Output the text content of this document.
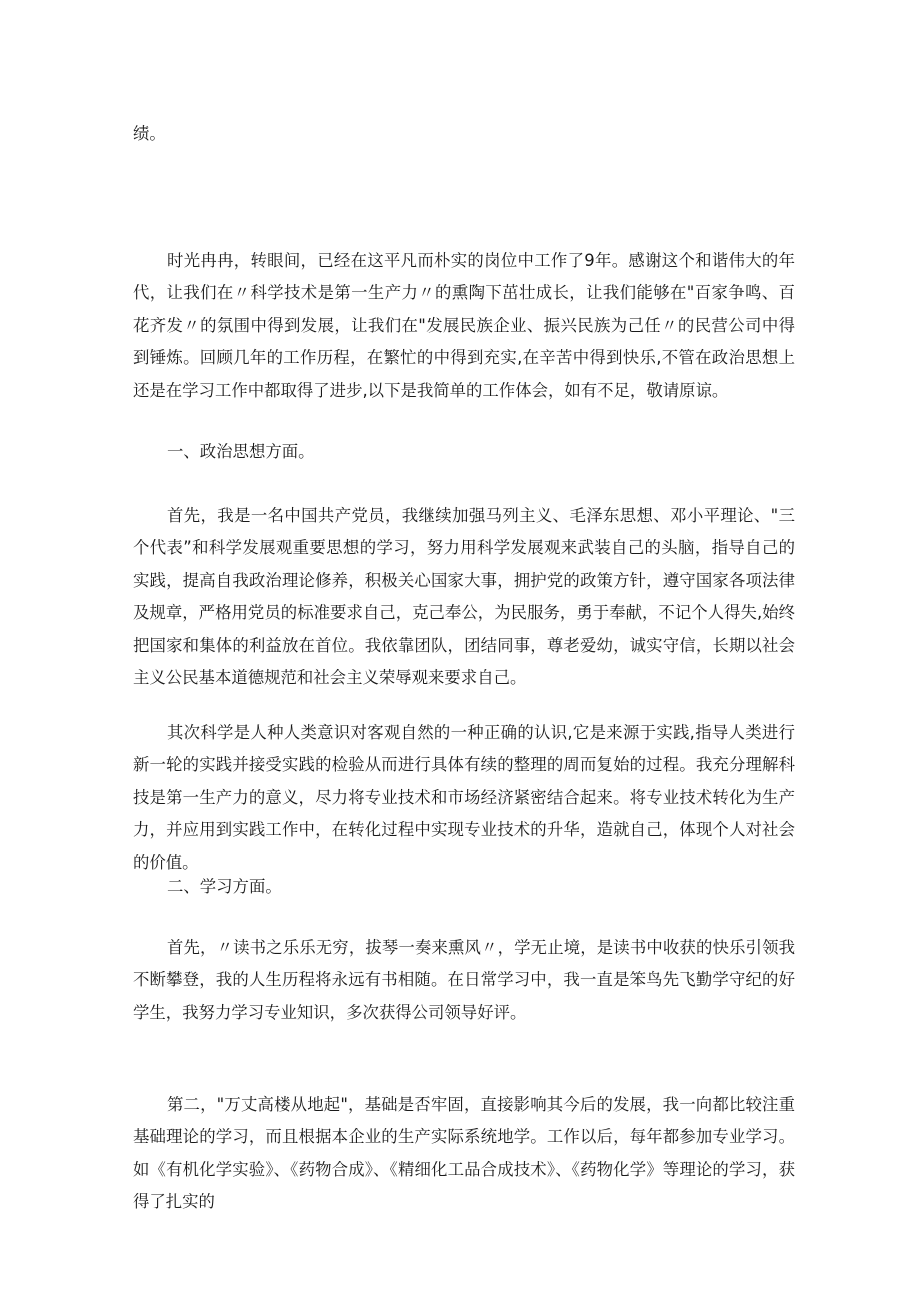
绩。

时光冉冉，转眼间，已经在这平凡而朴实的岗位中工作了9年。感谢这个和谐伟大的年代，让我们在〃科学技术是第一生产力〃的熏陶下茁壮成长，让我们能够在"百家争鸣、百花齐发〃的氛围中得到发展，让我们在"发展民族企业、振兴民族为己任〃的民营公司中得到锤炼。回顾几年的工作历程，在繁忙的中得到充实,在辛苦中得到快乐,不管在政治思想上还是在学习工作中都取得了进步,以下是我简单的工作体会，如有不足，敬请原谅。

一、政治思想方面。

首先，我是一名中国共产党员，我继续加强马列主义、毛泽东思想、邓小平理论、"三个代表”和科学发展观重要思想的学习，努力用科学发展观来武装自己的头脑，指导自己的实践，提高自我政治理论修养，积极关心国家大事，拥护党的政策方针，遵守国家各项法律及规章，严格用党员的标准要求自己，克己奉公，为民服务，勇于奉献，不记个人得失,始终把国家和集体的利益放在首位。我依靠团队，团结同事，尊老爱幼，诚实守信，长期以社会主义公民基本道德规范和社会主义荣辱观来要求自己。

其次科学是人种人类意识对客观自然的一种正确的认识,它是来源于实践,指导人类进行新一轮的实践并接受实践的检验从而进行具体有续的整理的周而复始的过程。我充分理解科技是第一生产力的意义，尽力将专业技术和市场经济紧密结合起来。将专业技术转化为生产力，并应用到实践工作中，在转化过程中实现专业技术的升华，造就自己，体现个人对社会的价值。

二、学习方面。

首先，〃读书之乐乐无穷，拔琴一奏来熏风〃，学无止境，是读书中收获的快乐引领我不断攀登，我的人生历程将永远有书相随。在日常学习中，我一直是笨鸟先飞勤学守纪的好学生，我努力学习专业知识，多次获得公司领导好评。

第二，"万丈高楼从地起"，基础是否牢固，直接影响其今后的发展，我一向都比较注重基础理论的学习，而且根据本企业的生产实际系统地学。工作以后，每年都参加专业学习。如《有机化学实验》、《药物合成》、《精细化工品合成技术》、《药物化学》等理论的学习，获得了扎实的
